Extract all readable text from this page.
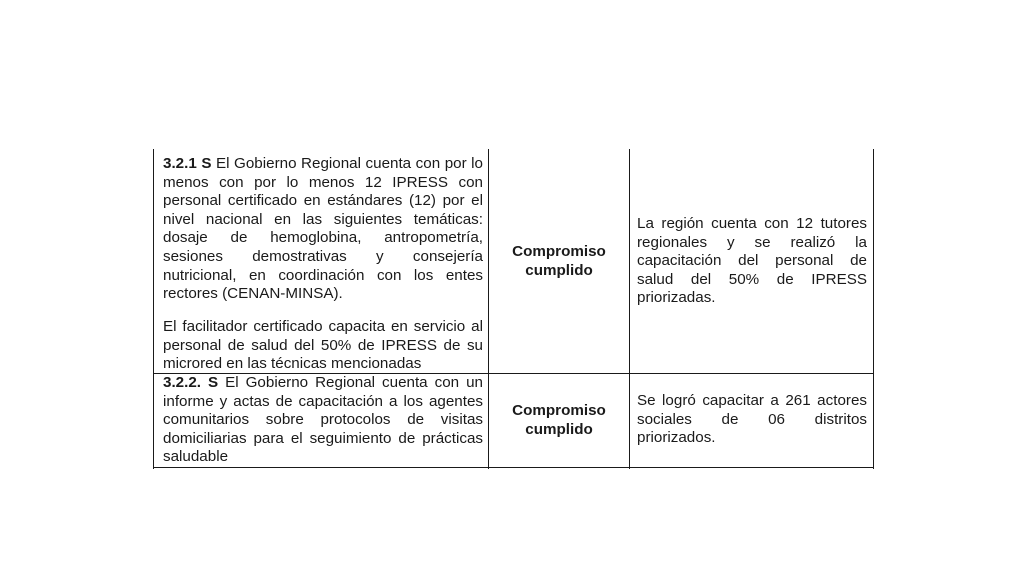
3.2.1 S El Gobierno Regional cuenta con por lo menos con por lo menos 12 IPRESS con personal certificado en estándares (12) por el nivel nacional en las siguientes temáticas: dosaje de hemoglobina, antropometría, sesiones demostrativas y consejería nutricional, en coordinación con los entes rectores (CENAN-MINSA).

El facilitador certificado capacita en servicio al personal de salud del 50% de IPRESS de su microred en las técnicas mencionadas

Compromiso
cumplido

La región cuenta con 12 tutores regionales y se realizó la capacitación del personal de salud del 50% de IPRESS priorizadas.

3.2.2. S El Gobierno Regional cuenta con un informe y actas de capacitación a los agentes comunitarios sobre protocolos de visitas domiciliarias para el seguimiento de prácticas saludable

Compromiso
cumplido

Se logró capacitar a 261 actores sociales de 06 distritos priorizados.
